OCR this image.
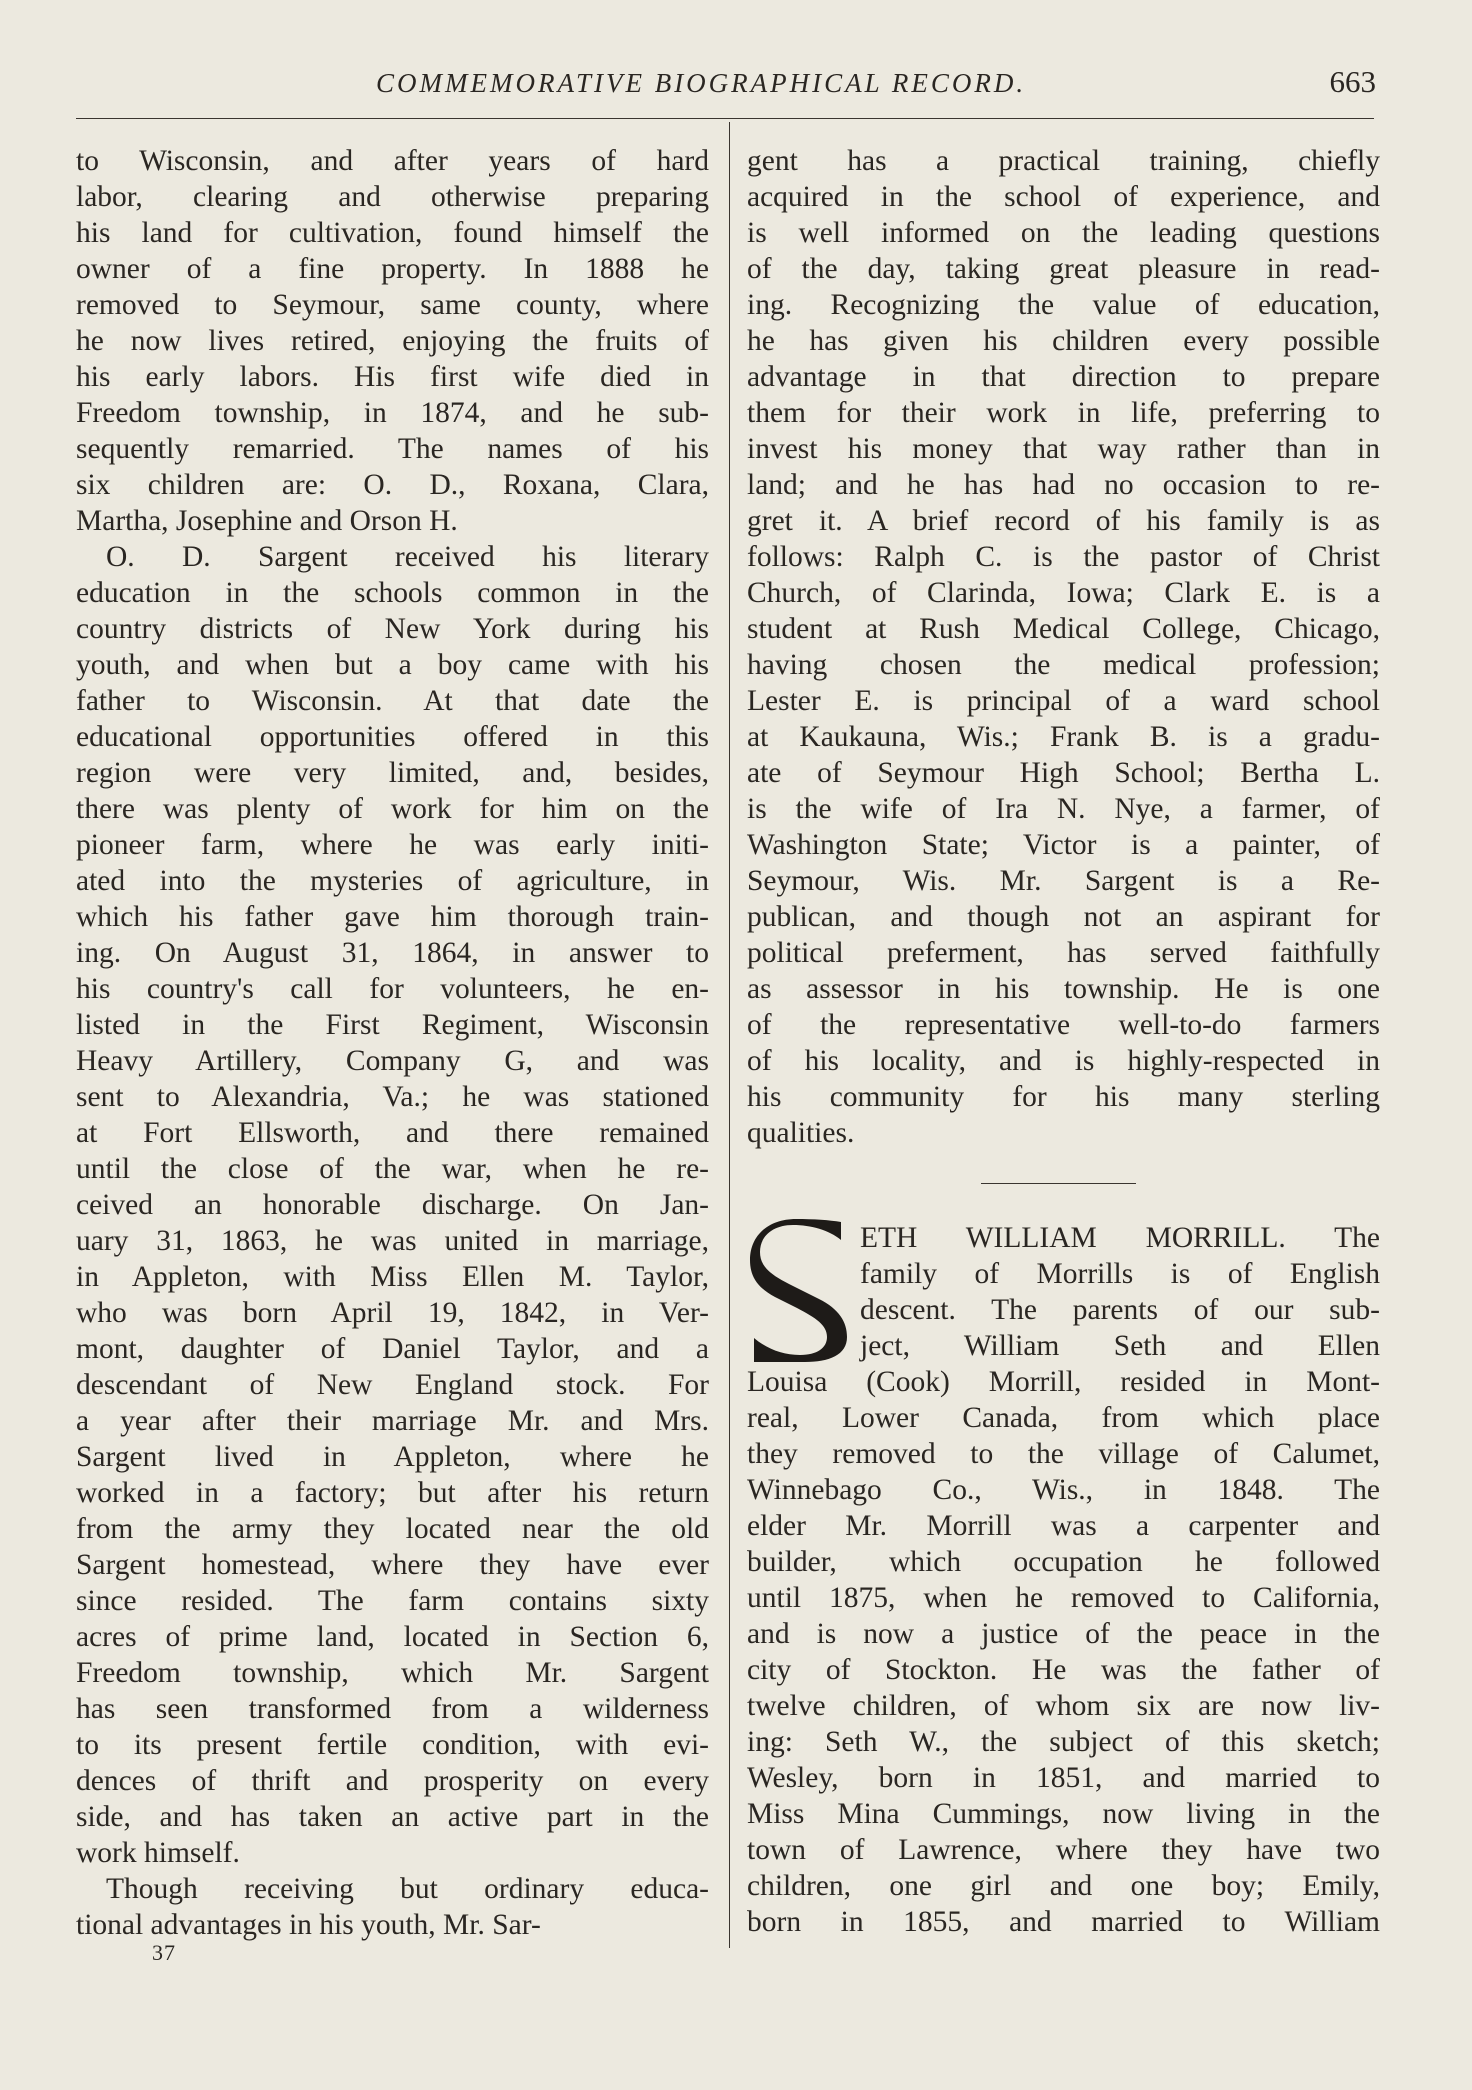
COMMEMORATIVE BIOGRAPHICAL RECORD.	663
to Wisconsin, and after years of hard
labor, clearing and otherwise preparing
his land for cultivation, found himself the
owner of a fine property. In 1888 he
removed to Seymour, same county, where
he now lives retired, enjoying the fruits of
his early labors. His first wife died in
Freedom township, in 1874, and he sub-
sequently remarried. The names of his
six children are: O. D., Roxana, Clara,
Martha, Josephine and Orson H.
O. D. Sargent received his literary
education in the schools common in the
country districts of New York during his
youth, and when but a boy came with his
father to Wisconsin. At that date the
educational opportunities offered in this
region were very limited, and, besides,
there was plenty of work for him on the
pioneer farm, where he was early initi-
ated into the mysteries of agriculture, in
which his father gave him thorough train-
ing. On August 31, 1864, in answer to
his country's call for volunteers, he en-
listed in the First Regiment, Wisconsin
Heavy Artillery, Company G, and was
sent to Alexandria, Va.; he was stationed
at Fort Ellsworth, and there remained
until the close of the war, when he re-
ceived an honorable discharge. On Jan-
uary 31, 1863, he was united in marriage,
in Appleton, with Miss Ellen M. Taylor,
who was born April 19, 1842, in Ver-
mont, daughter of Daniel Taylor, and a
descendant of New England stock. For
a year after their marriage Mr. and Mrs.
Sargent lived in Appleton, where he
worked in a factory; but after his return
from the army they located near the old
Sargent homestead, where they have ever
since resided. The farm contains sixty
acres of prime land, located in Section 6,
Freedom township, which Mr. Sargent
has seen transformed from a wilderness
to its present fertile condition, with evi-
dences of thrift and prosperity on every
side, and has taken an active part in the
work himself.
Though receiving but ordinary educa-
tional advantages in his youth, Mr. Sar-
37
gent has a practical training, chiefly
acquired in the school of experience, and
is well informed on the leading questions
of the day, taking great pleasure in read-
ing. Recognizing the value of education,
he has given his children every possible
advantage in that direction to prepare
them for their work in life, preferring to
invest his money that way rather than in
land; and he has had no occasion to re-
gret it. A brief record of his family is as
follows: Ralph C. is the pastor of Christ
Church, of Clarinda, Iowa; Clark E. is a
student at Rush Medical College, Chicago,
having chosen the medical profession;
Lester E. is principal of a ward school
at Kaukauna, Wis.; Frank B. is a gradu-
ate of Seymour High School; Bertha L.
is the wife of Ira N. Nye, a farmer, of
Washington State; Victor is a painter, of
Seymour, Wis. Mr. Sargent is a Re-
publican, and though not an aspirant for
political preferment, has served faithfully
as assessor in his township. He is one
of the representative well-to-do farmers
of his locality, and is highly-respected in
his community for his many sterling
qualities.
ETH WILLIAM MORRILL. The
family of Morrills is of English
descent. The parents of our sub-
ject, William Seth and Ellen
Louisa (Cook) Morrill, resided in Mont-
real, Lower Canada, from which place
they removed to the village of Calumet,
Winnebago Co., Wis., in 1848. The
elder Mr. Morrill was a carpenter and
builder, which occupation he followed
until 1875, when he removed to California,
and is now a justice of the peace in the
city of Stockton. He was the father of
twelve children, of whom six are now liv-
ing: Seth W., the subject of this sketch;
Wesley, born in 1851, and married to
Miss Mina Cummings, now living in the
town of Lawrence, where they have two
children, one girl and one boy; Emily,
born in 1855, and married to William
